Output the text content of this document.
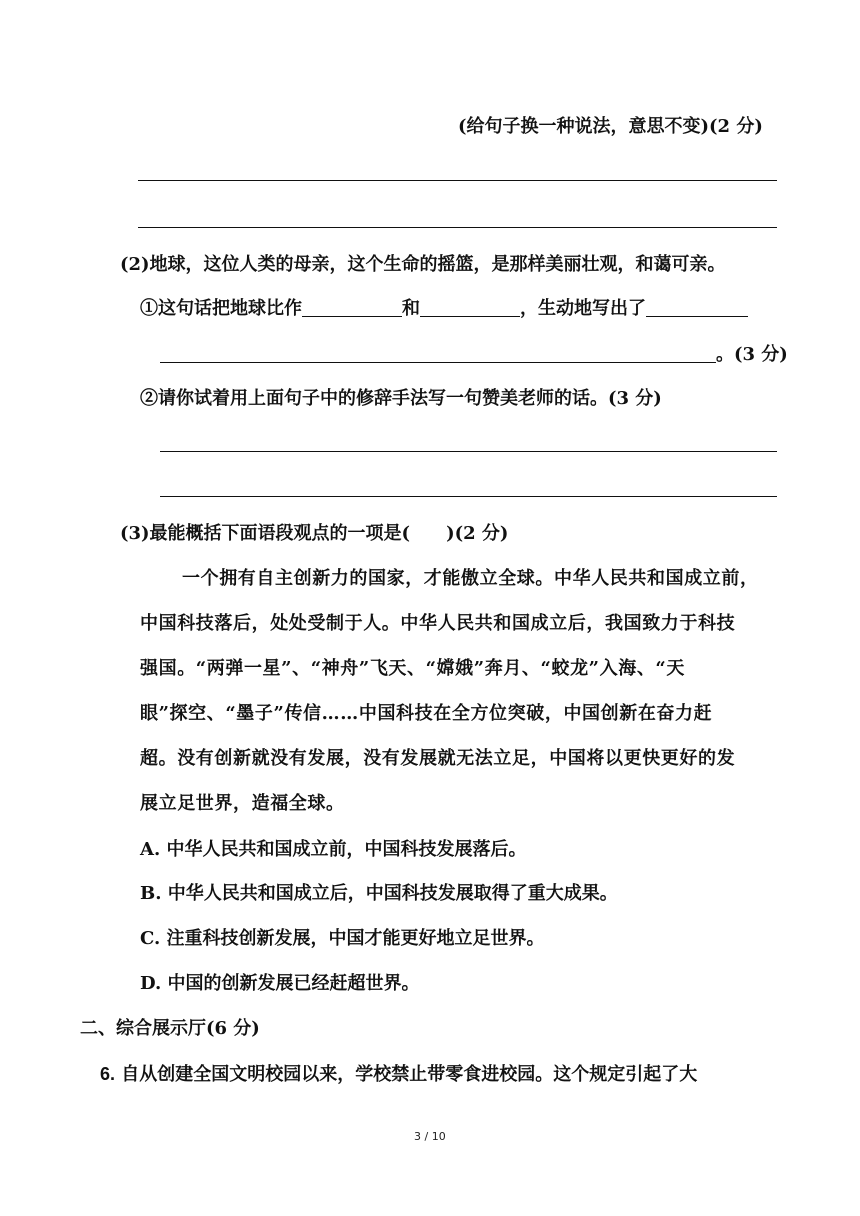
(给句子换一种说法，意思不变)(2 分)
(2)地球，这位人类的母亲，这个生命的摇篮，是那样美丽壮观，和蔼可亲。
①这句话把地球比作	和	，生动地写出了
。(3 分)
②请你试着用上面句子中的修辞手法写一句赞美老师的话。(3 分)
(3)最能概括下面语段观点的一项是(　　)(2 分)
一个拥有自主创新力的国家，才能傲立全球。中华人民共和国成立前，
中国科技落后，处处受制于人。中华人民共和国成立后，我国致力于科技
强国。“两弹一星”、“神舟”飞天、“嫦娥”奔月、“蛟龙”入海、“天
眼”探空、“墨子”传信……中国科技在全方位突破，中国创新在奋力赶
超。没有创新就没有发展，没有发展就无法立足，中国将以更快更好的发
展立足世界，造福全球。
A. 中华人民共和国成立前，中国科技发展落后。
B. 中华人民共和国成立后，中国科技发展取得了重大成果。
C. 注重科技创新发展，中国才能更好地立足世界。
D. 中国的创新发展已经赶超世界。
二、综合展示厅(6 分)
6. 自从创建全国文明校园以来，学校禁止带零食进校园。这个规定引起了大
3 / 10
